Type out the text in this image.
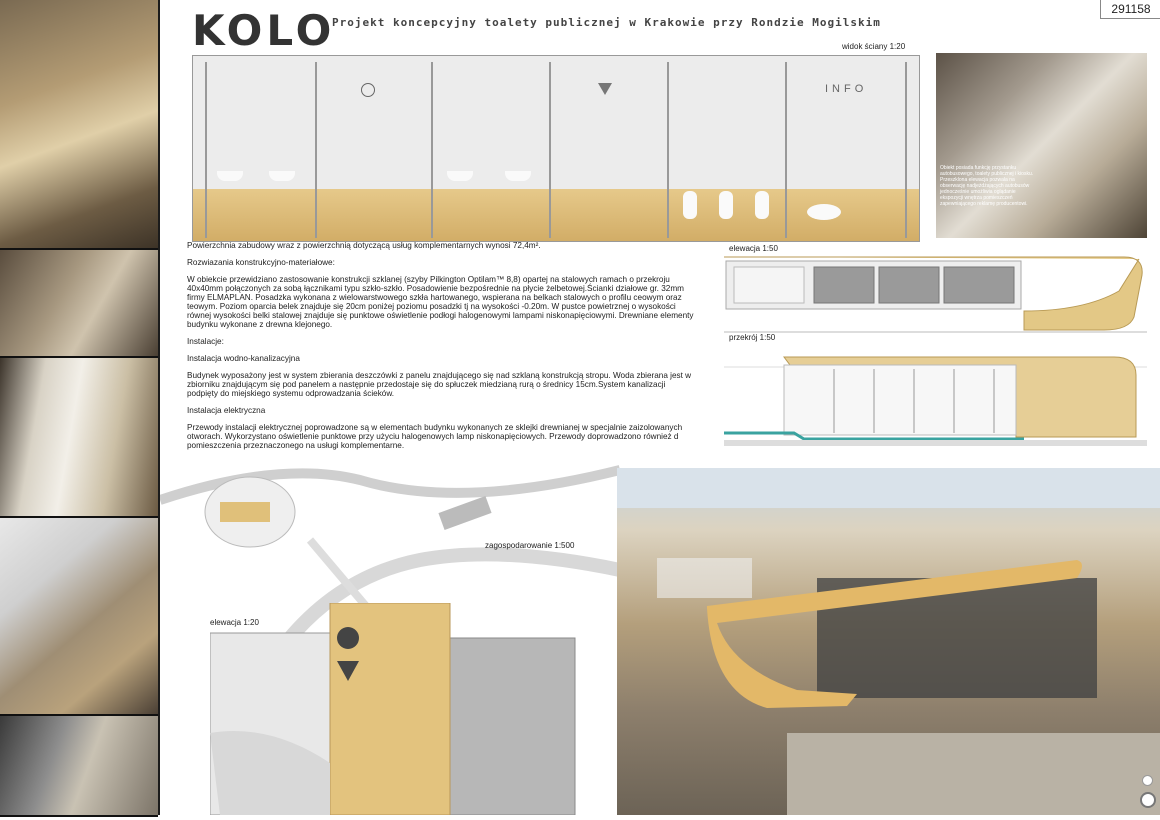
KOLO
Projekt koncepcyjny toalety publicznej w Krakowie przy Rondzie Mogilskim
291158
widok ściany 1:20
INFO
Obiekt posiada funkcję przystanku autobusowego, toalety publicznej i kiosku. Przeszklona elewacja pozwala na obserwację nadjeżdżających autobusów jednocześnie umożliwia oglądanie ekspozycji wnętrza pomieszczeń zapewniającego reklamę producentowi.

Powierzchnia zabudowy wraz z powierzchnią dotyczącą usług komplementarnych wynosi 72,4m².

Rozwiazania konstrukcyjno-materiałowe:

W obiekcie przewidziano zastosowanie konstrukcji szklanej (szyby Pilkington Optilam™ 8,8) opartej na stalowych ramach o przekroju 40x40mm połączonych za sobą łącznikami typu szkło-szkło. Posadowienie bezpośrednie na płycie żelbetowej.Ścianki działowe gr. 32mm firmy ELMAPLAN. Posadzka wykonana z wielowarstwowego szkła hartowanego, wspierana na belkach stalowych o profilu ceowym oraz teowym. Poziom oparcia belek znajduje się 20cm poniżej poziomu posadzki tj na wysokości -0.20m. W pustce powietrznej o wysokości równej wysokości belki stalowej znajduje się punktowe oświetlenie podłogi halogenowymi lampami niskonapięciowymi. Drewniane elementy budynku wykonane z drewna klejonego.

Instalacje:

Instalacja wodno-kanalizacyjna

Budynek wyposażony jest w system zbierania deszczówki z panelu znajdującego się nad szklaną konstrukcją stropu. Woda zbierana jest w zbiorniku znajdującym się pod panelem a następnie przedostaje się do spłuczek miedzianą rurą o średnicy 15cm.System kanalizacji podpięty do miejskiego systemu odprowadzania ścieków.

Instalacja elektryczna

Przewody instalacji elektrycznej poprowadzone są w elementach budynku wykonanych ze sklejki drewnianej w specjalnie zaizolowanych otworach. Wykorzystano oświetlenie punktowe przy użyciu halogenowych lamp niskonapięciowych. Przewody doprowadzono również d pomieszczenia przeznaczonego na usługi komplementarne.

elewacja 1:50
przekrój 1:50
zagospodarowanie 1:500
elewacja 1:20
